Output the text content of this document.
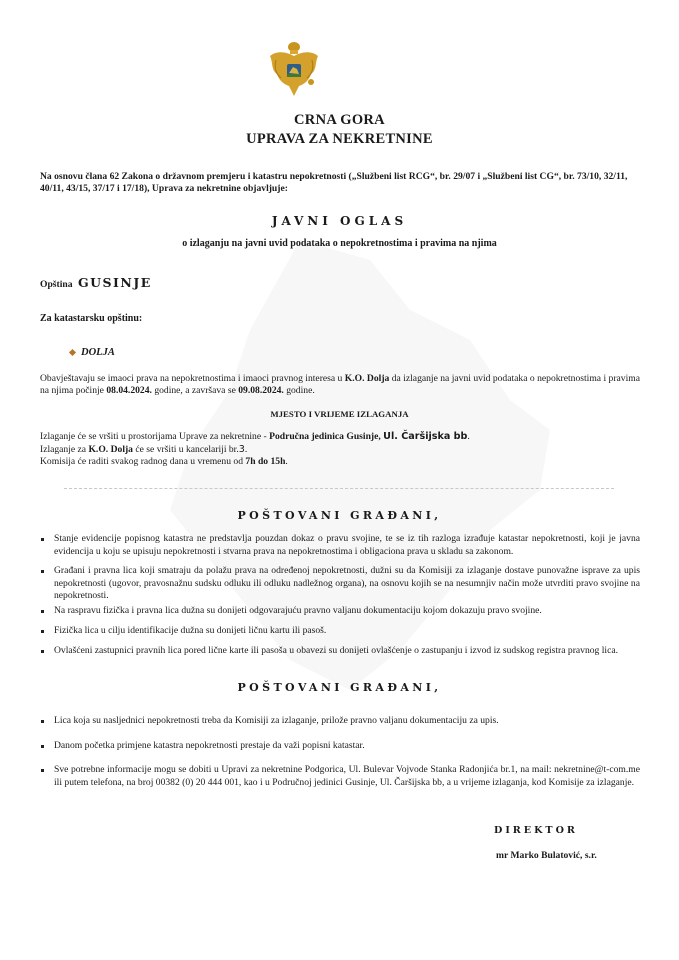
CRNA GORA
UPRAVA ZA NEKRETNINE
Na osnovu člana 62 Zakona o državnom premjeru i katastru nepokretnosti („Službeni list RCG“, br. 29/07 i „Službeni list CG“, br. 73/10, 32/11, 40/11, 43/15, 37/17 i 17/18), Uprava za nekretnine objavljuje:
JAVNI OGLAS
o izlaganju na javni uvid podataka o nepokretnostima i pravima na njima
Opština GUSINJE
Za katastarsku opštinu:
DOLJA
Obavještavaju se imaoci prava na nepokretnostima i imaoci pravnog interesa u K.O. Dolja da izlaganje na javni uvid podataka o nepokretnostima i pravima na njima počinje 08.04.2024. godine, a završava se 09.08.2024. godine.
MJESTO I VRIJEME IZLAGANJA
Izlaganje će se vršiti u prostorijama Uprave za nekretnine - Područna jedinica Gusinje, Ul. Čaršijska bb.
Izlaganje za K.O. Dolja će se vršiti u kancelariji br.3.
Komisija će raditi svakog radnog dana u vremenu od 7h do 15h.
POŠTOVANI GRAĐANI,
Stanje evidencije popisnog katastra ne predstavlja pouzdan dokaz o pravu svojine, te se iz tih razloga izrađuje katastar nepokretnosti, koji je javna evidencija u koju se upisuju nepokretnosti i stvarna prava na nepokretnostima i obligaciona prava u skladu sa zakonom.
Građani i pravna lica koji smatraju da polažu prava na određenoj nepokretnosti, dužni su da Komisiji za izlaganje dostave punovažne isprave za upis nepokretnosti (ugovor, pravosnažnu sudsku odluku ili odluku nadležnog organa), na osnovu kojih se na nesumnjiv način može utvrditi pravo svojine na nepokretnosti.
Na raspravu fizička i pravna lica dužna su donijeti odgovarajuću pravno valjanu dokumentaciju kojom dokazuju pravo svojine.
Fizička lica u cilju identifikacije dužna su donijeti ličnu kartu ili pasoš.
Ovlašćeni zastupnici pravnih lica pored lične karte ili pasoša u obavezi su donijeti ovlašćenje o zastupanju i izvod iz sudskog registra pravnog lica.
POŠTOVANI GRAĐANI,
Lica koja su nasljednici nepokretnosti treba da Komisiji za izlaganje, prilože pravno valjanu dokumentaciju za upis.
Danom početka primjene katastra nepokretnosti prestaje da važi popisni katastar.
Sve potrebne informacije mogu se dobiti u Upravi za nekretnine Podgorica, Ul. Bulevar Vojvode Stanka Radonjića br.1, na mail: nekretnine@t-com.me ili putem telefona, na broj 00382 (0) 20 444 001, kao i u Područnoj jedinici Gusinje, Ul. Čaršijska bb, a u vrijeme izlaganja, kod Komisije za izlaganje.
DIREKTOR
mr Marko Bulatović, s.r.
